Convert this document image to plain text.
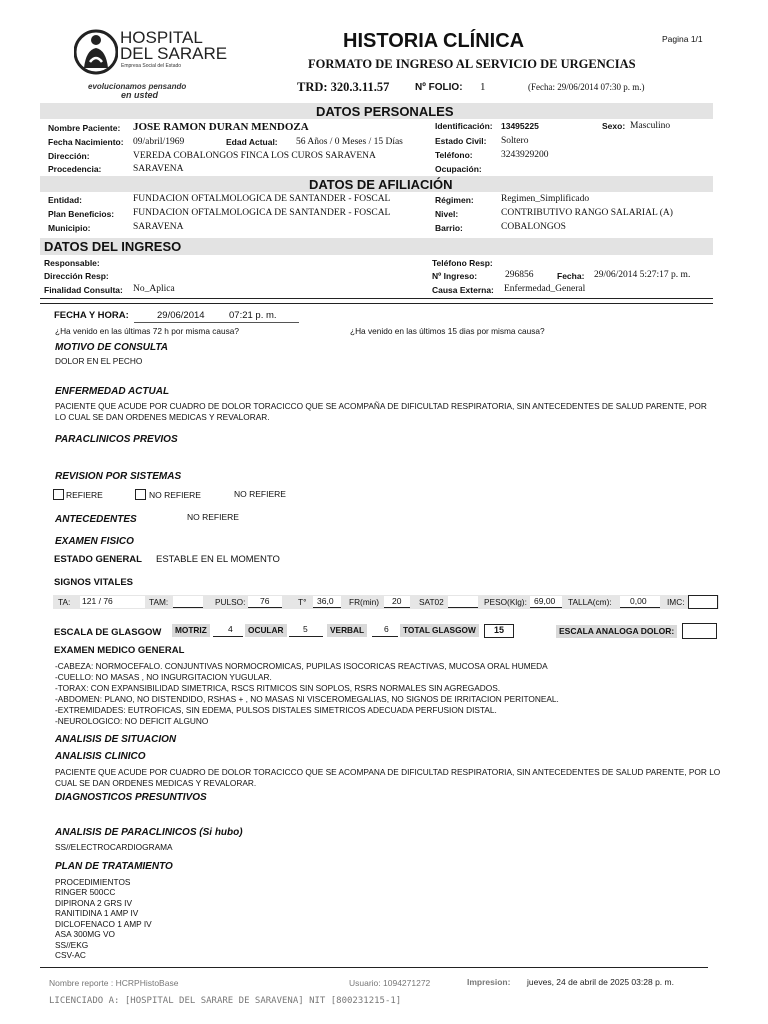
HOSPITAL
DEL SARARE
Empresa Social del Estado
evolucionamos pensando
en usted
HISTORIA CLÍNICA	Pagina 1/1
FORMATO DE INGRESO AL SERVICIO DE URGENCIAS
TRD: 320.3.11.57	Nº FOLIO: 1	(Fecha: 29/06/2014 07:30 p. m.)
DATOS PERSONALES
Nombre Paciente: JOSE RAMON DURAN MENDOZA	Identificación: 13495225	Sexo: Masculino
Fecha Nacimiento: 09/abril/1969	Edad Actual: 56 Años / 0 Meses / 15 Días	Estado Civil: Soltero
Dirección:	VEREDA COBALONGOS FINCA LOS CUROS SARAVENA	Teléfono:	3243929200
Procedencia:	SARAVENA	Ocupación:
DATOS DE AFILIACIÓN
Entidad:	FUNDACION OFTALMOLOGICA DE SANTANDER - FOSCAL	Régimen:	Regimen_Simplificado
Plan Beneficios: FUNDACION OFTALMOLOGICA DE SANTANDER - FOSCAL	Nivel:	CONTRIBUTIVO RANGO SALARIAL (A)
Municipio:	SARAVENA	Barrio:	COBALONGOS
DATOS DEL INGRESO
Responsable:	Teléfono Resp:
Dirección Resp:	Nº Ingreso:	296856	Fecha: 29/06/2014 5:27:17 p. m.
Finalidad Consulta: No_Aplica	Causa Externa: Enfermedad_General
FECHA Y HORA:	29/06/2014	07:21 p. m.
¿Ha venido en las últimas 72 h por misma causa?	¿Ha venido en las últimos 15 dias por misma causa?
MOTIVO DE CONSULTA
DOLOR EN EL PECHO
ENFERMEDAD ACTUAL
PACIENTE QUE ACUDE POR CUADRO DE DOLOR TORACICCO QUE SE ACOMPAÑA DE DIFICULTAD RESPIRATORIA, SIN ANTECEDENTES DE SALUD PARENTE, POR
LO CUAL SE DAN ORDENES MEDICAS Y REVALORAR.
PARACLINICOS PREVIOS
REVISION POR SISTEMAS
REFIERE	NO REFIERE	NO REFIERE
ANTECEDENTES	NO REFIERE
EXAMEN FISICO
ESTADO GENERAL ESTABLE EN EL MOMENTO
SIGNOS VITALES
TA: 121 / 76	TAM:	PULSO:	76	T°	36,0	FR(min)	20	SAT02	PESO(Klg): 69,00	TALLA(cm):	0,00	IMC:
ESCALA DE GLASGOW	MOTRIZ	4	OCULAR	5	VERBAL	6	TOTAL GLASGOW	15	ESCALA ANALOGA DOLOR:
EXAMEN MEDICO GENERAL
-CABEZA: NORMOCEFALO. CONJUNTIVAS NORMOCROMICAS, PUPILAS ISOCORICAS REACTIVAS, MUCOSA ORAL HUMEDA
-CUELLO: NO MASAS , NO INGURGITACION YUGULAR.
-TORAX: CON EXPANSIBILIDAD SIMETRICA, RSCS RITMICOS SIN SOPLOS, RSRS NORMALES SIN AGREGADOS.
-ABDOMEN: PLANO, NO DISTENDIDO, RSHAS + , NO MASAS NI VISCEROMEGALIAS, NO SIGNOS DE IRRITACION PERITONEAL.
-EXTREMIDADES: EUTROFICAS, SIN EDEMA, PULSOS DISTALES SIMETRICOS ADECUADA PERFUSION DISTAL.
-NEUROLOGICO: NO DEFICIT ALGUNO
ANALISIS DE SITUACION
ANALISIS CLINICO
PACIENTE QUE ACUDE POR CUADRO DE DOLOR TORACICCO QUE SE ACOMPANA DE DIFICULTAD RESPIRATORIA, SIN ANTECEDENTES DE SALUD PARENTE, POR LO
CUAL SE DAN ORDENES MEDICAS Y REVALORAR.
DIAGNOSTICOS PRESUNTIVOS
ANALISIS DE PARACLINICOS (Si hubo)
SS//ELECTROCARDIOGRAMA
PLAN DE TRATAMIENTO
PROCEDIMIENTOS
RINGER 500CC
DIPIRONA 2 GRS IV
RANITIDINA 1 AMP IV
DICLOFENACO 1 AMP IV
ASA 300MG VO
SS//EKG
CSV-AC
Nombre reporte : HCRPHistoBase	Usuario: 1094271272	Impresion: jueves, 24 de abril de 2025 03:28 p. m.
LICENCIADO A: [HOSPITAL DEL SARARE DE SARAVENA] NIT [800231215-1]
